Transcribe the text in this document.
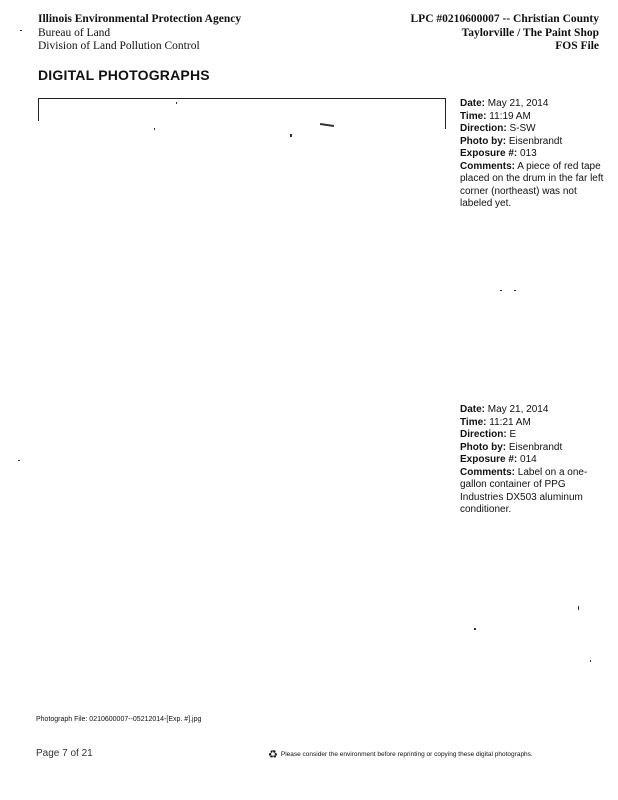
Illinois Environmental Protection Agency
Bureau of Land
Division of Land Pollution Control
LPC #0210600007 -- Christian County
Taylorville / The Paint Shop
FOS File
DIGITAL PHOTOGRAPHS
Date: May 21, 2014
Time: 11:19 AM
Direction: S-SW
Photo by: Eisenbrandt
Exposure #: 013
Comments: A piece of red tape placed on the drum in the far left corner (northeast) was not labeled yet.
Date: May 21, 2014
Time: 11:21 AM
Direction: E
Photo by: Eisenbrandt
Exposure #: 014
Comments: Label on a one-gallon container of PPG Industries DX503 aluminum conditioner.
Photograph File: 0210600007--05212014-[Exp. #].jpg
Page 7 of 21	♻ Please consider the environment before reprinting or copying these digital photographs.
